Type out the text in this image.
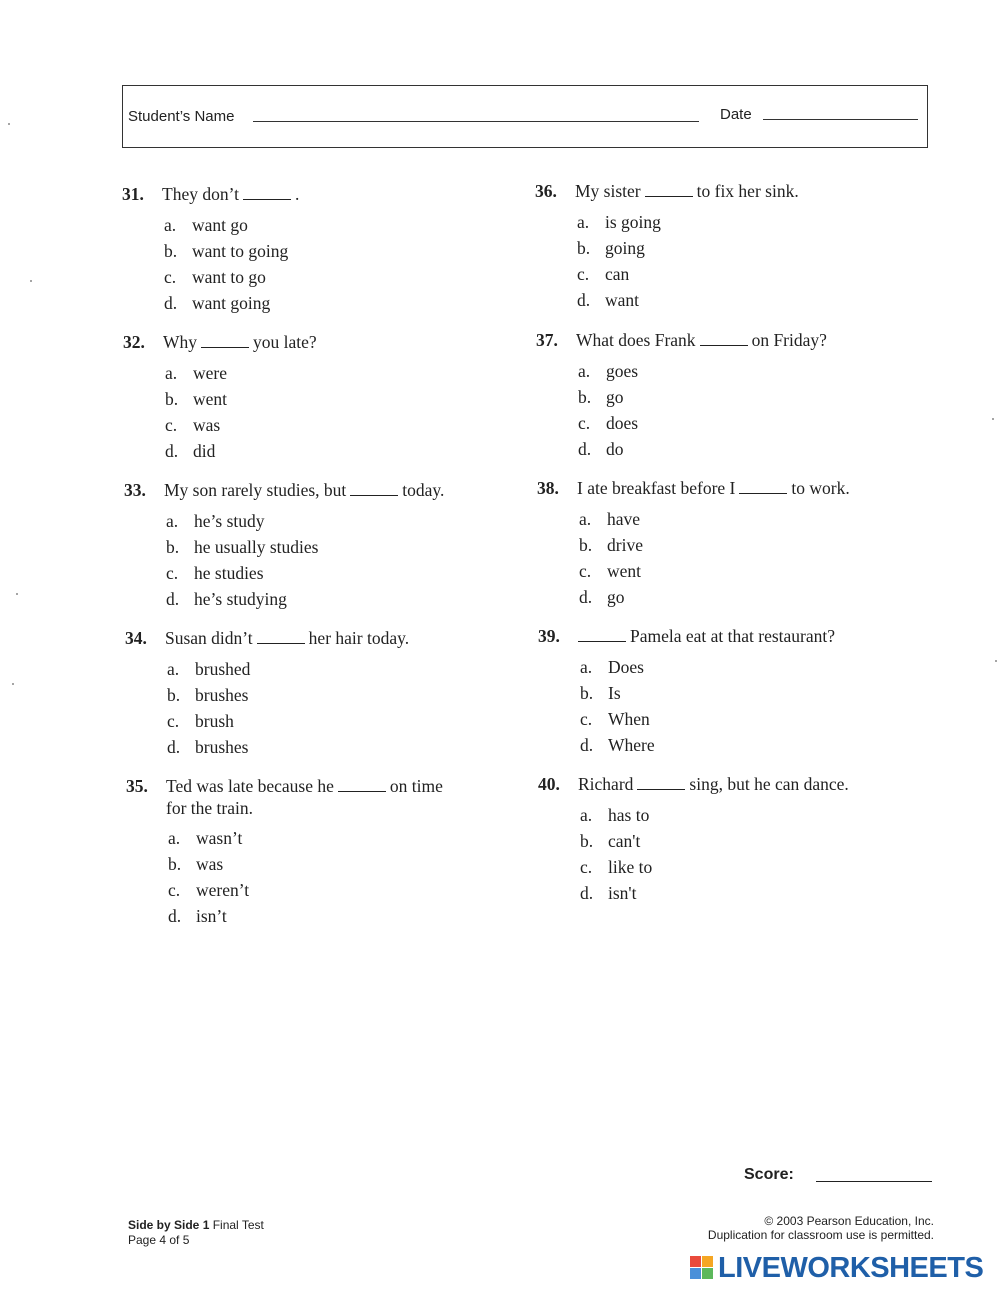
Student’s Name	Date
31. They don’t	.
a. want go
b. want to going
c. want to go
d. want going
32. Why	you late?
a. were
b. went
c. was
d. did
33. My son rarely studies, but	today.
a. he’s study
b. he usually studies
c. he studies
d. he’s studying
34. Susan didn’t	her hair today.
a. brushed
b. brushes
c. brush
d. brushes
35. Ted was late because he	on time
for the train.
a. wasn’t
b. was
c. weren’t
d. isn’t
36. My sister	to fix her sink.
a. is going
b. going
c. can
d. want
37. What does Frank	on Friday?
a. goes
b. go
c. does
d. do
38. I ate breakfast before I	to work.
a. have
b. drive
c. went
d. go
39.	Pamela eat at that restaurant?
a. Does
b. Is
c. When
d. Where
40. Richard	sing, but he can dance.
a. has to
b. can't
c. like to
d. isn't
Score:
Side by Side 1 Final Test
Page 4 of 5
© 2003 Pearson Education, Inc.
Duplication for classroom use is permitted.
LIVEWORKSHEETS
